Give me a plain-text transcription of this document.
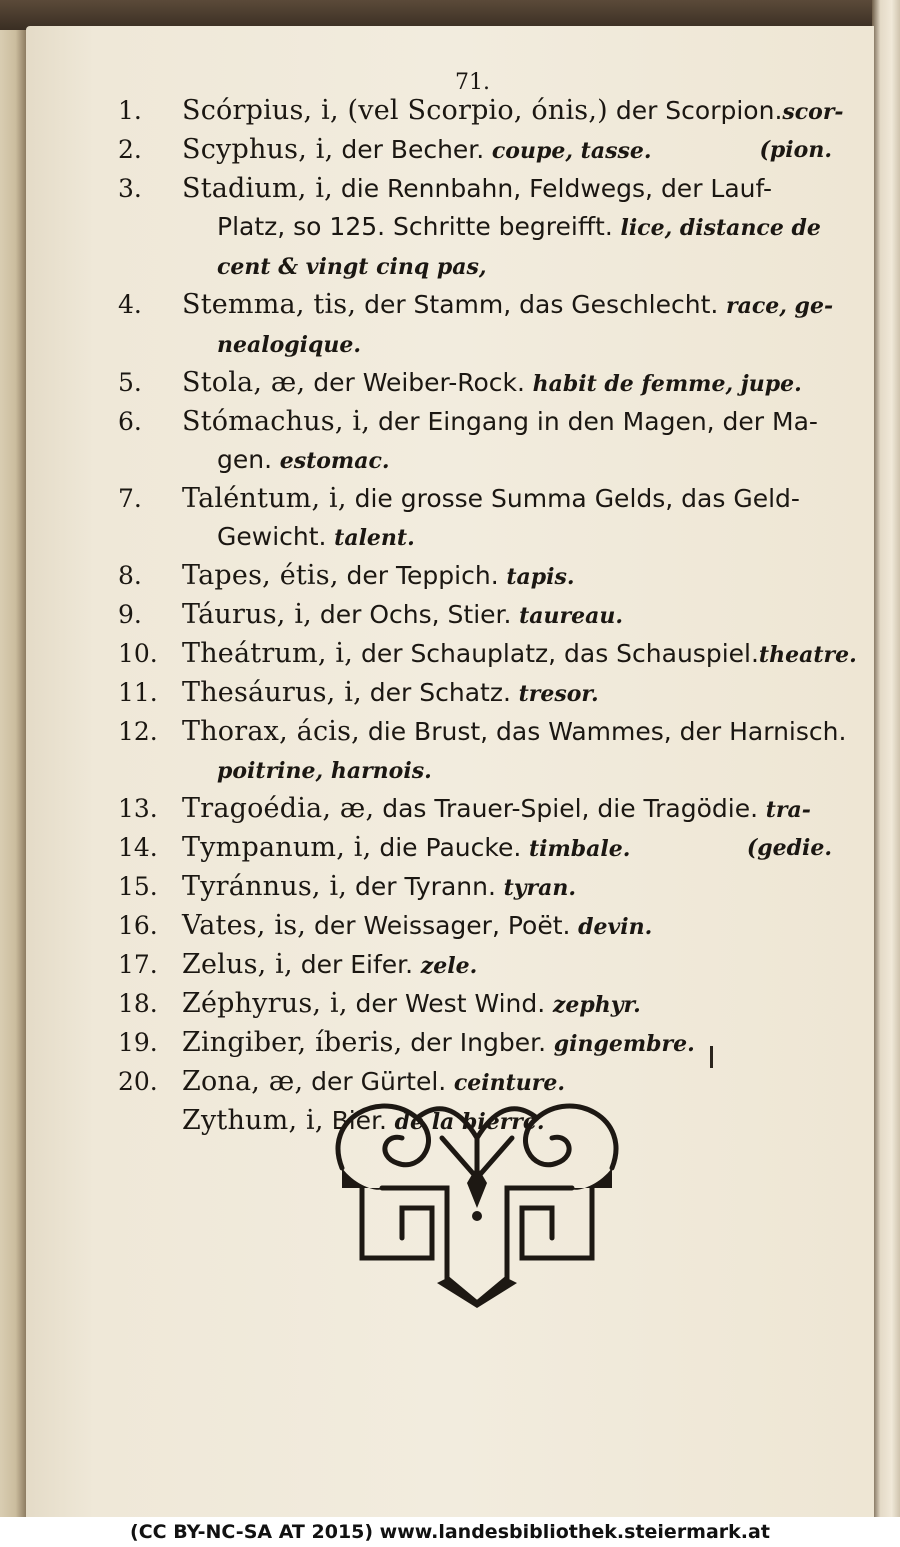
71.
1.	Scórpius, i, (vel Scorpio, ónis,) der Scorpion.scor-
2.	Scyphus, i, der Becher. coupe, tasse.	(pion.
3.	Stadium, i, die Rennbahn, Feldwegs, der Lauf-
Platz, so 125. Schritte begreifft. lice, distance de
cent & vingt cinq pas,
4.	Stemma, tis, der Stamm, das Geschlecht. race, ge-
nealogique.
5.	Stola, æ, der Weiber-Rock. habit de femme, jupe.
6.	Stómachus, i, der Eingang in den Magen, der Ma-
gen. estomac.
7.	Taléntum, i, die grosse Summa Gelds, das Geld-
Gewicht. talent.
8.	Tapes, étis, der Teppich. tapis.
9.	Táurus, i, der Ochs, Stier. taureau.
10. Theátrum, i, der Schauplatz, das Schauspiel.theatre.
11. Thesáurus, i, der Schatz. tresor.
12. Thorax, ácis, die Brust, das Wammes, der Harnisch.
poitrine, harnois.
13. Tragoédia, æ, das Trauer-Spiel, die Tragödie. tra-
14. Tympanum, i, die Paucke. timbale.	(gedie.
15. Tyránnus, i, der Tyrann. tyran.
16. Vates, is, der Weissager, Poët. devin.
17. Zelus, i, der Eifer. zele.
18. Zéphyrus, i, der West Wind. zephyr.
19. Zingiber, íberis, der Ingber. gingembre.
20. Zona, æ, der Gürtel. ceinture.
Zythum, i, Bier. de la bierre.
(CC BY-NC-SA AT 2015) www.landesbibliothek.steiermark.at
